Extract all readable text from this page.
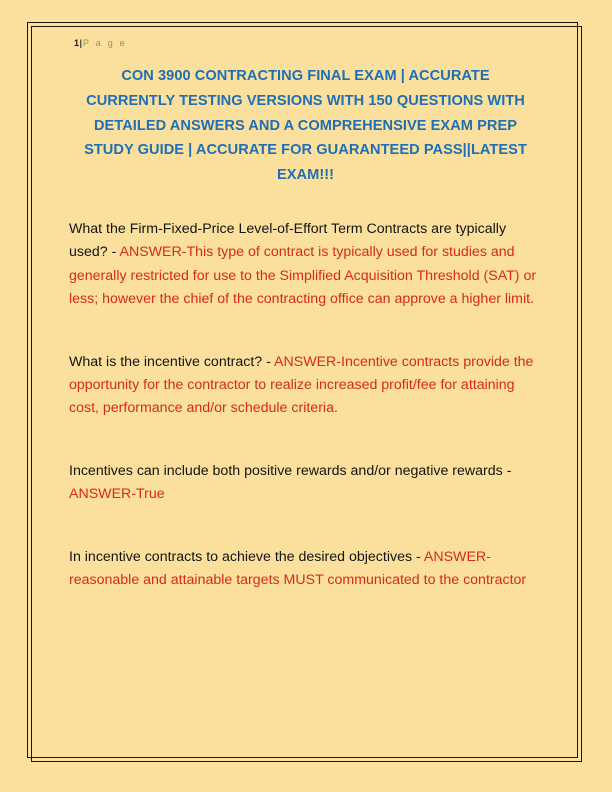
1|P a g e
CON 3900 CONTRACTING FINAL EXAM | ACCURATE CURRENTLY TESTING VERSIONS WITH 150 QUESTIONS WITH DETAILED ANSWERS AND A COMPREHENSIVE EXAM PREP STUDY GUIDE | ACCURATE FOR GUARANTEED PASS||LATEST EXAM!!!

What the Firm-Fixed-Price Level-of-Effort Term Contracts are typically used? - ANSWER-This type of contract is typically used for studies and generally restricted for use to the Simplified Acquisition Threshold (SAT) or less; however the chief of the contracting office can approve a higher limit.

What is the incentive contract? - ANSWER-Incentive contracts provide the opportunity for the contractor to realize increased profit/fee for attaining cost, performance and/or schedule criteria.

Incentives can include both positive rewards and/or negative rewards - ANSWER-True

In incentive contracts to achieve the desired objectives - ANSWER-reasonable and attainable targets MUST communicated to the contractor
